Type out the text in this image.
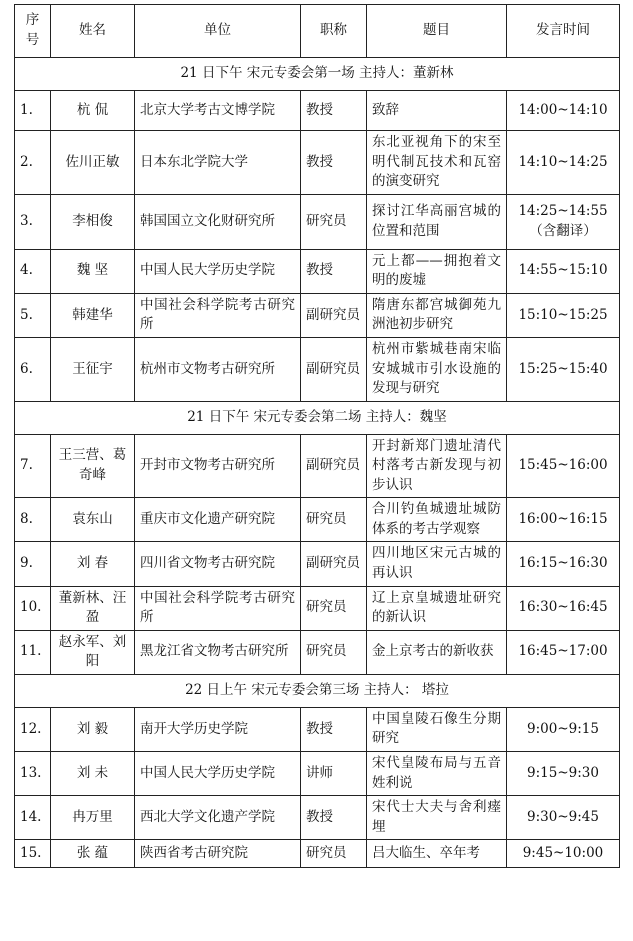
序号	姓名	单位	职称	题目	发言时间
21 日下午 宋元专委会第一场 主持人：董新林					
1.	杭 侃	北京大学考古文博学院	教授	致辞	14:00~14:10
2.	佐川正敏	日本东北学院大学	教授	东北亚视角下的宋至明代制瓦技术和瓦窑的演变研究	14:10~14:25
3.	李相俊	韩国国立文化财研究所	研究员	探讨江华高丽宫城的位置和范围	14:25~14:55
（含翻译）

4.	魏 坚	中国人民大学历史学院	教授	元上都——拥抱着文明的废墟	14:55~15:10
5.	韩建华	中国社会科学院考古研究所	副研究员	隋唐东都宫城御苑九洲池初步研究	15:10~15:25
6.	王征宇	杭州市文物考古研究所	副研究员	杭州市紫城巷南宋临安城城市引水设施的发现与研究	15:25~15:40
21 日下午 宋元专委会第二场 主持人：魏坚					
7.	王三营、葛奇峰	开封市文物考古研究所	副研究员	开封新郑门遗址清代村落考古新发现与初步认识	15:45~16:00
8.	袁东山	重庆市文化遗产研究院	研究员	合川钓鱼城遗址城防体系的考古学观察	16:00~16:15
9.	刘 春	四川省文物考古研究院	副研究员	四川地区宋元古城的再认识	16:15~16:30
10.	董新林、汪 盈	中国社会科学院考古研究所	研究员	辽上京皇城遗址研究的新认识	16:30~16:45
11.	赵永军、刘 阳	黑龙江省文物考古研究所	研究员	金上京考古的新收获	16:45~17:00
22 日上午 宋元专委会第三场 主持人： 塔拉					
12.	刘 毅	南开大学历史学院	教授	中国皇陵石像生分期研究	9:00~9:15
13.	刘 未	中国人民大学历史学院	讲师	宋代皇陵布局与五音姓利说	9:15~9:30
14.	冉万里	西北大学文化遗产学院	教授	宋代士大夫与舍利瘗埋	9:30~9:45
15.	张 蕴	陕西省考古研究院	研究员	吕大临生、卒年考	9:45~10:00
